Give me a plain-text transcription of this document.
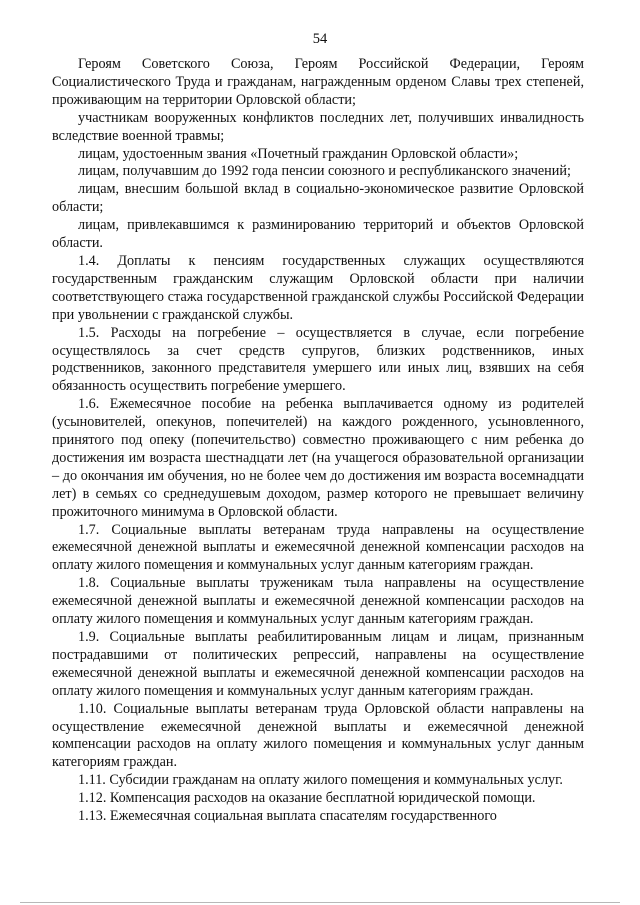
54

Героям Советского Союза, Героям Российской Федерации, Героям Социалистического Труда и гражданам, награжденным орденом Славы трех степеней, проживающим на территории Орловской области;

участникам вооруженных конфликтов последних лет, получивших инвалидность вследствие военной травмы;

лицам, удостоенным звания «Почетный гражданин Орловской области»;

лицам, получавшим до 1992 года пенсии союзного и республиканского значений;

лицам, внесшим большой вклад в социально-экономическое развитие Орловской области;

лицам, привлекавшимся к разминированию территорий и объектов Орловской области.

1.4. Доплаты к пенсиям государственных служащих осуществляются государственным гражданским служащим Орловской области при наличии соответствующего стажа государственной гражданской службы Российской Федерации при увольнении с гражданской службы.

1.5. Расходы на погребение – осуществляется в случае, если погребение осуществлялось за счет средств супругов, близких родственников, иных родственников, законного представителя умершего или иных лиц, взявших на себя обязанность осуществить погребение умершего.

1.6. Ежемесячное пособие на ребенка выплачивается одному из родителей (усыновителей, опекунов, попечителей) на каждого рожденного, усыновленного, принятого под опеку (попечительство) совместно проживающего с ним ребенка до достижения им возраста шестнадцати лет (на учащегося образовательной организации – до окончания им обучения, но не более чем до достижения им возраста восемнадцати лет) в семьях со среднедушевым доходом, размер которого не превышает величину прожиточного минимума в Орловской области.

1.7. Социальные выплаты ветеранам труда направлены на осуществление ежемесячной денежной выплаты и ежемесячной денежной компенсации расходов на оплату жилого помещения и коммунальных услуг данным категориям граждан.

1.8. Социальные выплаты труженикам тыла направлены на осуществление ежемесячной денежной выплаты и ежемесячной денежной компенсации расходов на оплату жилого помещения и коммунальных услуг данным категориям граждан.

1.9. Социальные выплаты реабилитированным лицам и лицам, признанным пострадавшими от политических репрессий, направлены на осуществление ежемесячной денежной выплаты и ежемесячной денежной компенсации расходов на оплату жилого помещения и коммунальных услуг данным категориям граждан.

1.10. Социальные выплаты ветеранам труда Орловской области направлены на осуществление ежемесячной денежной выплаты и ежемесячной денежной компенсации расходов на оплату жилого помещения и коммунальных услуг данным категориям граждан.

1.11. Субсидии гражданам на оплату жилого помещения и коммунальных услуг.

1.12. Компенсация расходов на оказание бесплатной юридической помощи.

1.13. Ежемесячная социальная выплата спасателям государственного
